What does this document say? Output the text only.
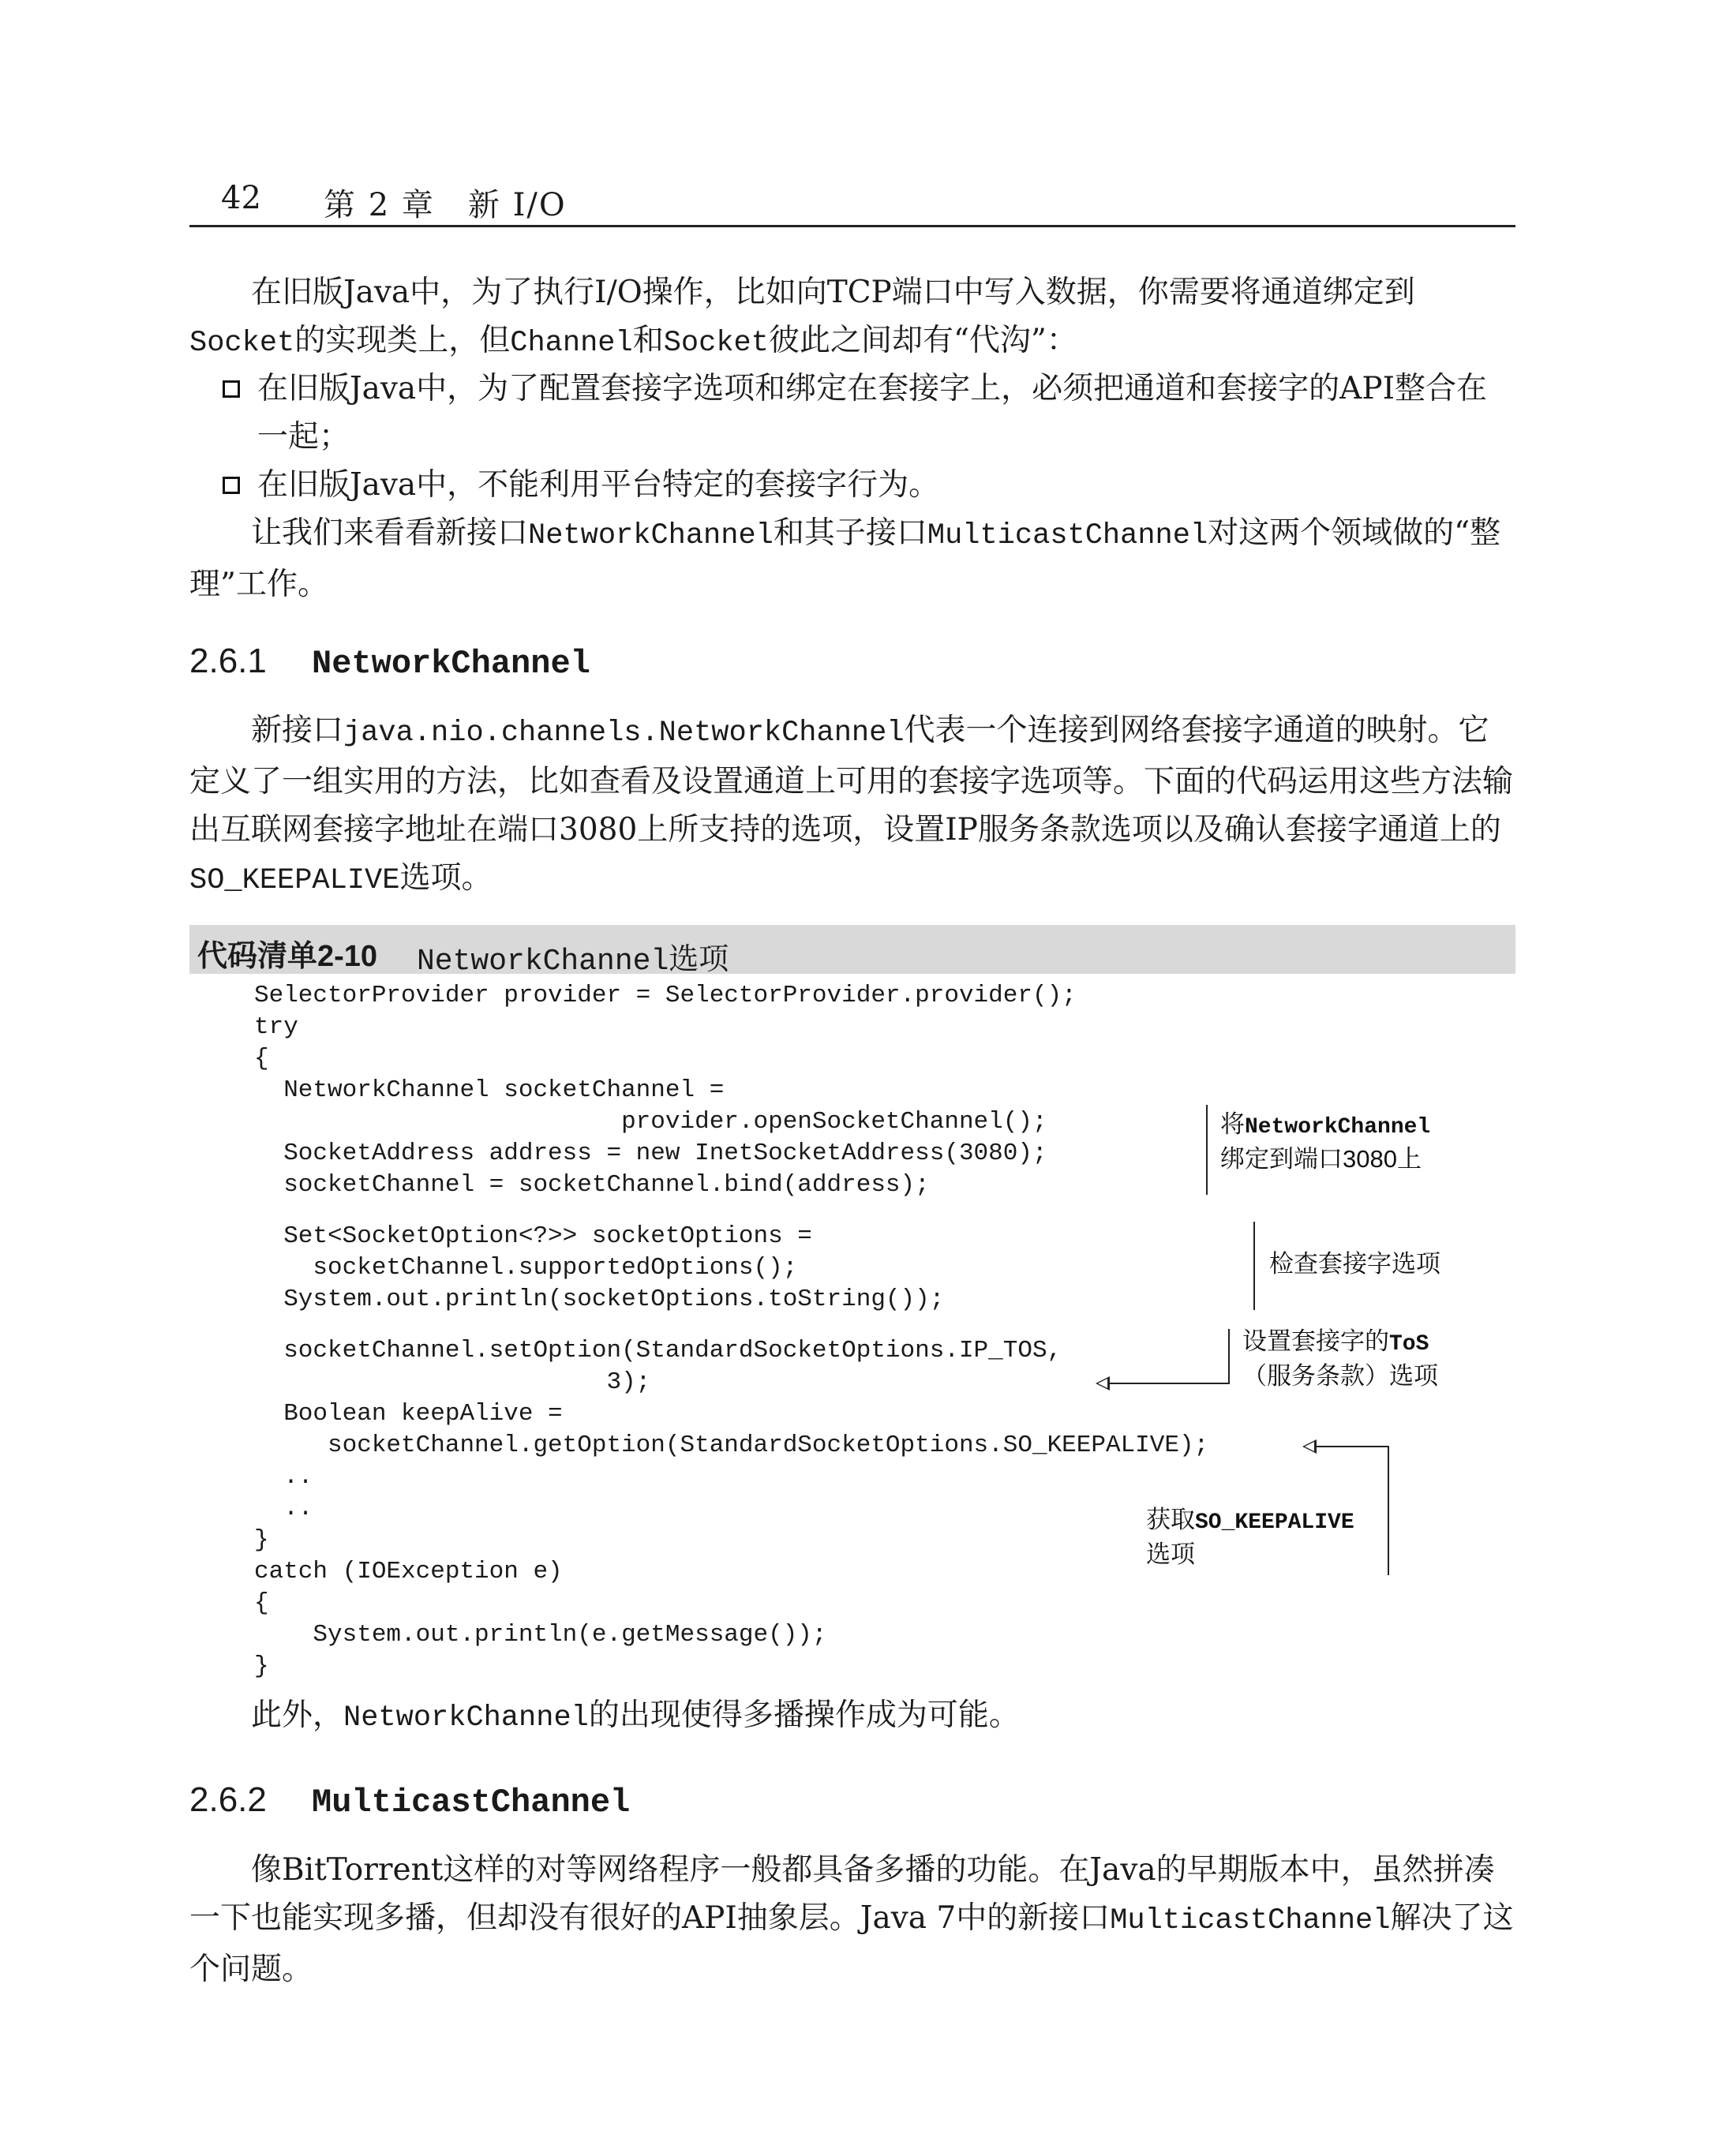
42 第 2 章　新 I/O

在旧版Java中，为了执行I/O操作，比如向TCP端口中写入数据，你需要将通道绑定到Socket的实现类上，但Channel和Socket彼此之间却有“代沟”：

在旧版Java中，为了配置套接字选项和绑定在套接字上，必须把通道和套接字的API整合在一起；
在旧版Java中，不能利用平台特定的套接字行为。

让我们来看看新接口NetworkChannel和其子接口MulticastChannel对这两个领域做的“整理”工作。

2.6.1 NetworkChannel

新接口java.nio.channels.NetworkChannel代表一个连接到网络套接字通道的映射。它定义了一组实用的方法，比如查看及设置通道上可用的套接字选项等。下面的代码运用这些方法输出互联网套接字地址在端口3080上所支持的选项，设置IP服务条款选项以及确认套接字通道上的SO_KEEPALIVE选项。

代码清单2-10 NetworkChannel选项
SelectorProvider provider = SelectorProvider.provider();
try
{
NetworkChannel socketChannel =
provider.openSocketChannel();
SocketAddress address = new InetSocketAddress(3080);
socketChannel = socketChannel.bind(address);
Set<SocketOption<?>> socketOptions =
socketChannel.supportedOptions();
System.out.println(socketOptions.toString());
socketChannel.setOption(StandardSocketOptions.IP_TOS,
3);
Boolean keepAlive =
socketChannel.getOption(StandardSocketOptions.SO_KEEPALIVE);
..
..
}
catch (IOException e)
{
System.out.println(e.getMessage());
}
将NetworkChannel
绑定到端口3080上
检查套接字选项
设置套接字的ToS
（服务条款）选项
获取SO_KEEPALIVE
选项

此外，NetworkChannel的出现使得多播操作成为可能。

2.6.2 MulticastChannel

像BitTorrent这样的对等网络程序一般都具备多播的功能。在Java的早期版本中，虽然拼凑一下也能实现多播，但却没有很好的API抽象层。Java 7中的新接口MulticastChannel解决了这个问题。
